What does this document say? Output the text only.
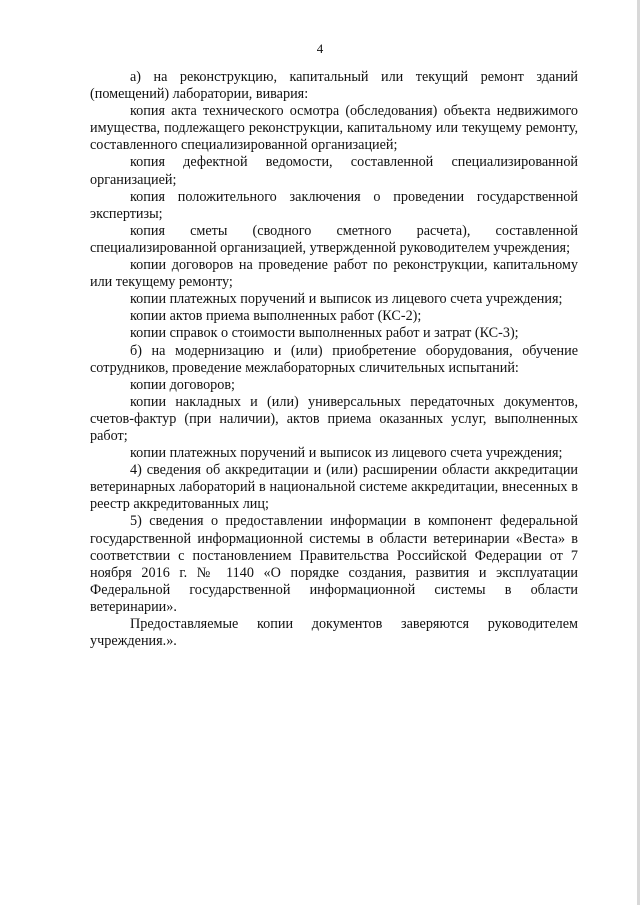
4

а) на реконструкцию, капитальный или текущий ремонт зданий (помещений) лаборатории, вивария:

копия акта технического осмотра (обследования) объекта недвижимого имущества, подлежащего реконструкции, капитальному или текущему ремонту, составленного специализированной организацией;

копия дефектной ведомости, составленной специализированной организацией;

копия положительного заключения о проведении государственной экспертизы;

копия сметы (сводного сметного расчета), составленной специализированной организацией, утвержденной руководителем учреждения;

копии договоров на проведение работ по реконструкции, капитальному или текущему ремонту;

копии платежных поручений и выписок из лицевого счета учреждения;

копии актов приема выполненных работ (КС-2);

копии справок о стоимости выполненных работ и затрат (КС-3);

б) на модернизацию и (или) приобретение оборудования, обучение сотрудников, проведение межлабораторных сличительных испытаний:

копии договоров;

копии накладных и (или) универсальных передаточных документов, счетов-фактур (при наличии), актов приема оказанных услуг, выполненных работ;

копии платежных поручений и выписок из лицевого счета учреждения;

4) сведения об аккредитации и (или) расширении области аккредитации ветеринарных лабораторий в национальной системе аккредитации, внесенных в реестр аккредитованных лиц;

5) сведения о предоставлении информации в компонент федеральной государственной информационной системы в области ветеринарии «Веста» в соответствии с постановлением Правительства Российской Федерации от 7 ноября 2016 г. № 1140 «О порядке создания, развития и эксплуатации Федеральной государственной информационной системы в области ветеринарии».

Предоставляемые копии документов заверяются руководителем учреждения.».
